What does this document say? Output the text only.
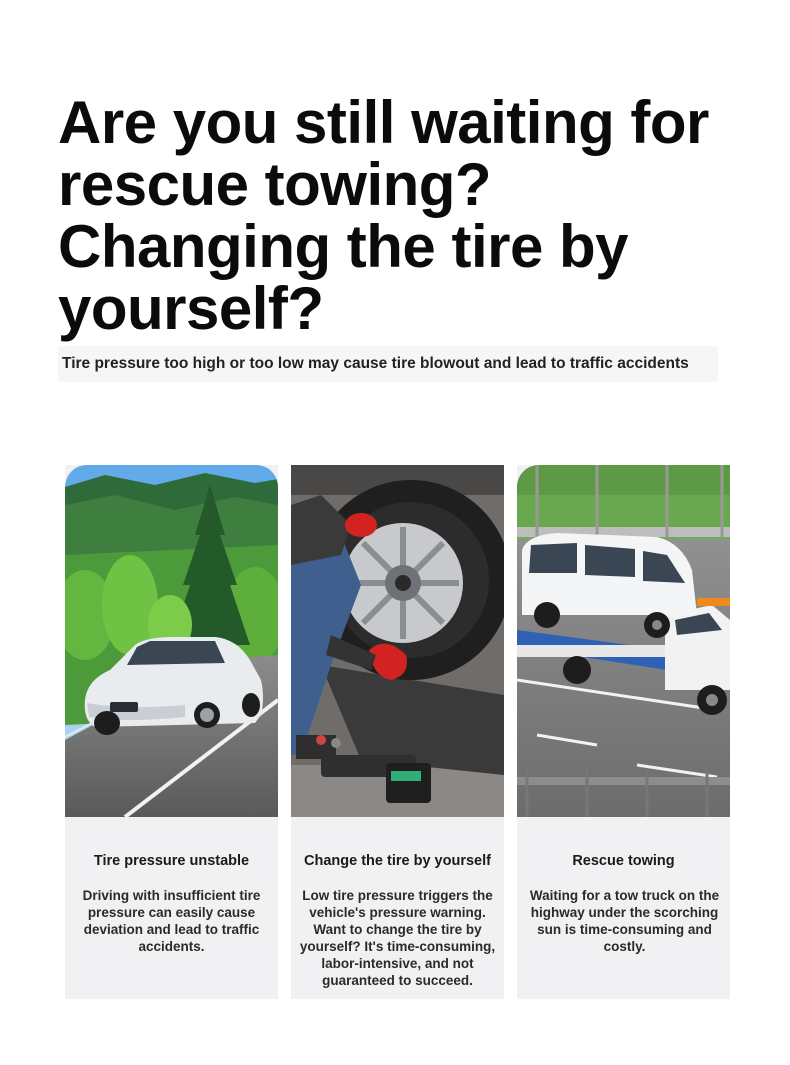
Are you still waiting for rescue towing? Changing the tire by yourself?

Tire pressure too high or too low may cause tire blowout and lead to traffic accidents

Tire pressure unstable

Driving with insufficient tire pressure can easily cause deviation and lead to traffic accidents.

Change the tire by yourself

Low tire pressure triggers the vehicle's pressure warning. Want to change the tire by yourself? It's time-consuming, labor-intensive, and not guaranteed to succeed.

Rescue towing

Waiting for a tow truck on the highway under the scorching sun is time-consuming and costly.
